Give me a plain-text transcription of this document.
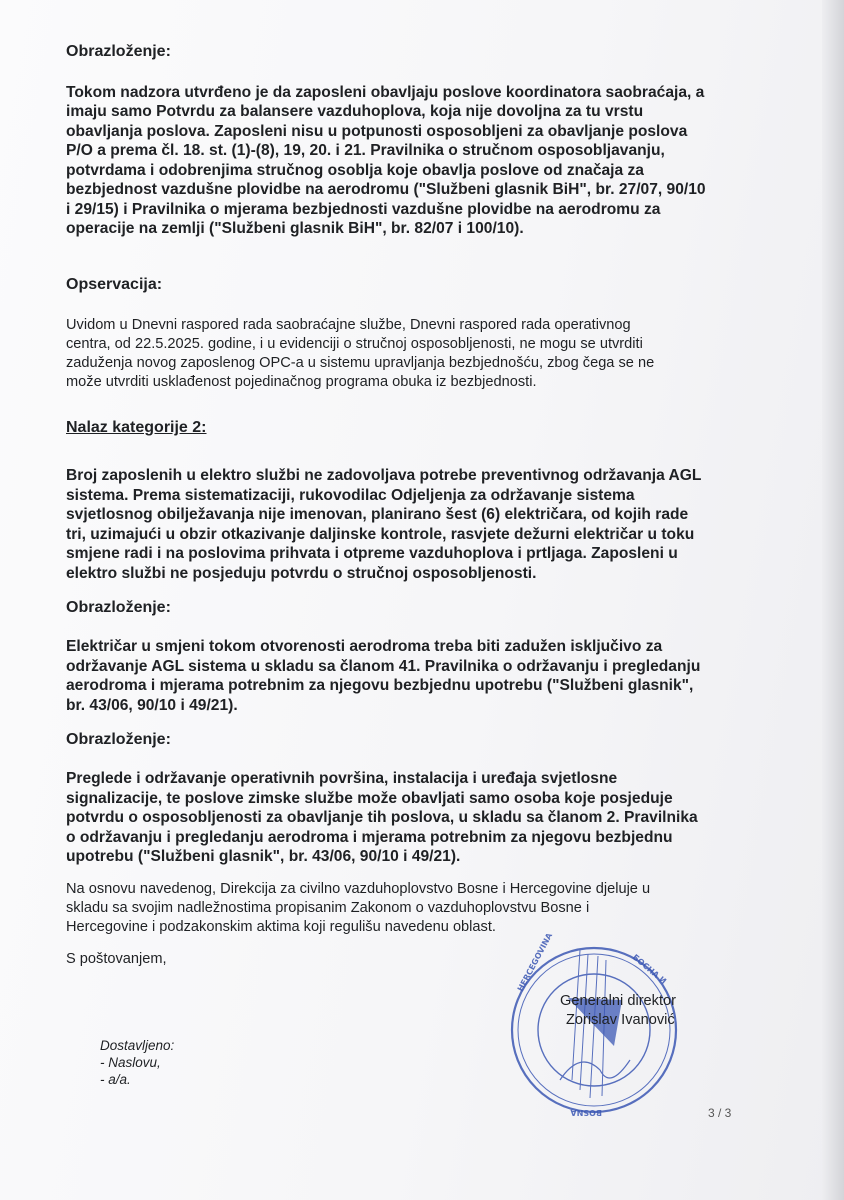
Obrazloženje:
Tokom nadzora utvrđeno je da zaposleni obavljaju poslove koordinatora saobraćaja, a
imaju samo Potvrdu za balansere vazduhoplova, koja nije dovoljna za tu vrstu
obavljanja poslova. Zaposleni nisu u potpunosti osposobljeni za obavljanje poslova
P/O a prema čl. 18. st. (1)-(8), 19, 20. i 21. Pravilnika o stručnom osposobljavanju,
potvrdama i odobrenjima stručnog osoblja koje obavlja poslove od značaja za
bezbjednost vazdušne plovidbe na aerodromu ("Službeni glasnik BiH", br. 27/07, 90/10
i 29/15) i Pravilnika o mjerama bezbjednosti vazdušne plovidbe na aerodromu za
operacije na zemlji ("Službeni glasnik BiH", br. 82/07 i 100/10).
Opservacija:
Uvidom u Dnevni raspored rada saobraćajne službe, Dnevni raspored rada operativnog
centra, od 22.5.2025. godine, i u evidenciji o stručnoj osposobljenosti, ne mogu se utvrditi
zaduženja novog zaposlenog OPC-a u sistemu upravljanja bezbjednošću, zbog čega se ne
može utvrditi usklađenost pojedinačnog programa obuka iz bezbjednosti.
Nalaz kategorije 2:
Broj zaposlenih u elektro službi ne zadovoljava potrebe preventivnog održavanja AGL
sistema. Prema sistematizaciji, rukovodilac Odjeljenja za održavanje sistema
svjetlosnog obilježavanja nije imenovan, planirano šest (6) električara, od kojih rade
tri, uzimajući u obzir otkazivanje daljinske kontrole, rasvjete dežurni električar u toku
smjene radi i na poslovima prihvata i otpreme vazduhoplova i prtljaga. Zaposleni u
elektro službi ne posjeduju potvrdu o stručnoj osposobljenosti.
Obrazloženje:
Električar u smjeni tokom otvorenosti aerodroma treba biti zadužen isključivo za
održavanje AGL sistema u skladu sa članom 41. Pravilnika o održavanju i pregledanju
aerodroma i mjerama potrebnim za njegovu bezbjednu upotrebu ("Službeni glasnik",
br. 43/06, 90/10 i 49/21).
Obrazloženje:
Preglede i održavanje operativnih površina, instalacija i uređaja svjetlosne
signalizacije, te poslove zimske službe može obavljati samo osoba koje posjeduje
potvrdu o osposobljenosti za obavljanje tih poslova, u skladu sa članom 2. Pravilnika
o održavanju i pregledanju aerodroma i mjerama potrebnim za njegovu bezbjednu
upotrebu ("Službeni glasnik", br. 43/06, 90/10 i 49/21).
Na osnovu navedenog, Direkcija za civilno vazduhoplovstvo Bosne i Hercegovine djeluje u
skladu sa svojim nadležnostima propisanim Zakonom o vazduhoplovstvu Bosne i
Hercegovine i podzakonskim aktima koji regulišu navedenu oblast.
S poštovanjem,	HERCEGOVINA	БОСНА И
BOSNA
Generalni direktor
Zorislav Ivanović
Dostavljeno:
- Naslovu,
- a/a.
3 / 3
